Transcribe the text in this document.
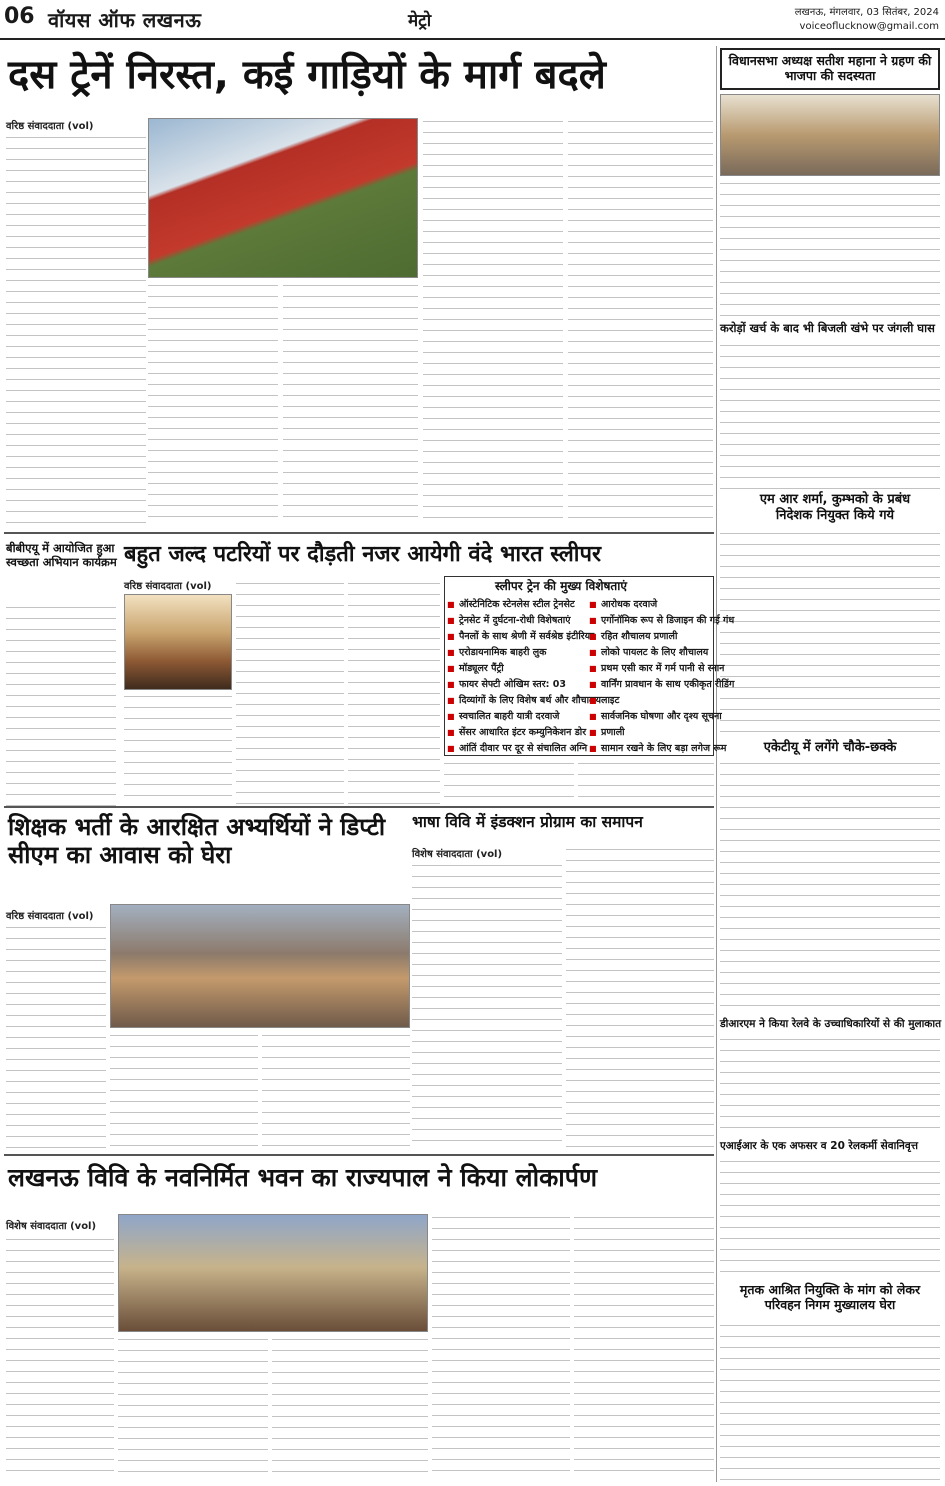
06 वॉयस ऑफ लखनऊ	मेट्रो	लखनऊ, मंगलवार, 03 सितंबर, 2024
voiceoflucknow@gmail.com
दस ट्रेनें निरस्त, कई गाड़ियों के मार्ग बदले
वरिष्ठ संवाददाता (vol)
विधानसभा अध्यक्ष सतीश महाना ने ग्रहण की भाजपा की सदस्यता
करोड़ों खर्च के बाद भी बिजली खंभे पर जंगली घास
एम आर शर्मा, कुम्भको के प्रबंध निदेशक नियुक्त किये गये
एकेटीयू में लगेंगे चौके-छक्के
डीआरएम ने किया रेलवे के उच्चाधिकारियों से की मुलाकात
एआईआर के एक अफसर व 20 रेलकर्मी सेवानिवृत्त
मृतक आश्रित नियुक्ति के मांग को लेकर परिवहन निगम मुख्यालय घेरा
बीबीएयू में आयोजित हुआ स्वच्छता अभियान कार्यक्रम बहुत जल्द पटरियों पर दौड़ती नजर आयेगी वंदे भारत स्लीपर
वरिष्ठ संवाददाता (vol)	स्लीपर ट्रेन की मुख्य विशेषताएं
■ ऑस्टेनिटिक स्टेनलेस स्टील ट्रेनसेट
■ ट्रेनसेट में दुर्घटना-रोधी विशेषताएं
■ पैनलों के साथ श्रेणी में सर्वश्रेष्ठ इंटीरियर
■ एरोडायनामिक बाहरी लुक
■ मॉड्यूलर पैंट्री
■ फायर सेफ्टी ओखिम स्तर: 03
■ दिव्यांगों के लिए विशेष बर्थ और शौचालय
■ स्वचालित बाहरी यात्री दरवाजे
■ सेंसर आधारित इंटर कम्युनिकेशन डोर
■ आंतिं दीवार पर दूर से संचालित अग्नि
■ आरोधक दरवाजे
■ एर्गोनॉमिक रूप से डिजाइन की गई गंध
■ रहित शौचालय प्रणाली
■ लोको पायलट के लिए शौचालय
■ प्रथम एसी कार में गर्म पानी से स्नान
■ वार्निंग प्रावधान के साथ एकीकृत रीडिंग
■ लाइट
■ सार्वजनिक घोषणा और दृश्य सूचना
■ प्रणाली
■ सामान रखने के लिए बड़ा लगेज रूम
शिक्षक भर्ती के आरक्षित अभ्यर्थियों ने डिप्टी सीएम का आवास को घेरा
वरिष्ठ संवाददाता (vol)
भाषा विवि में इंडक्शन प्रोग्राम का समापन
विशेष संवाददाता (vol)
लखनऊ विवि के नवनिर्मित भवन का राज्यपाल ने किया लोकार्पण
विशेष संवाददाता (vol)
